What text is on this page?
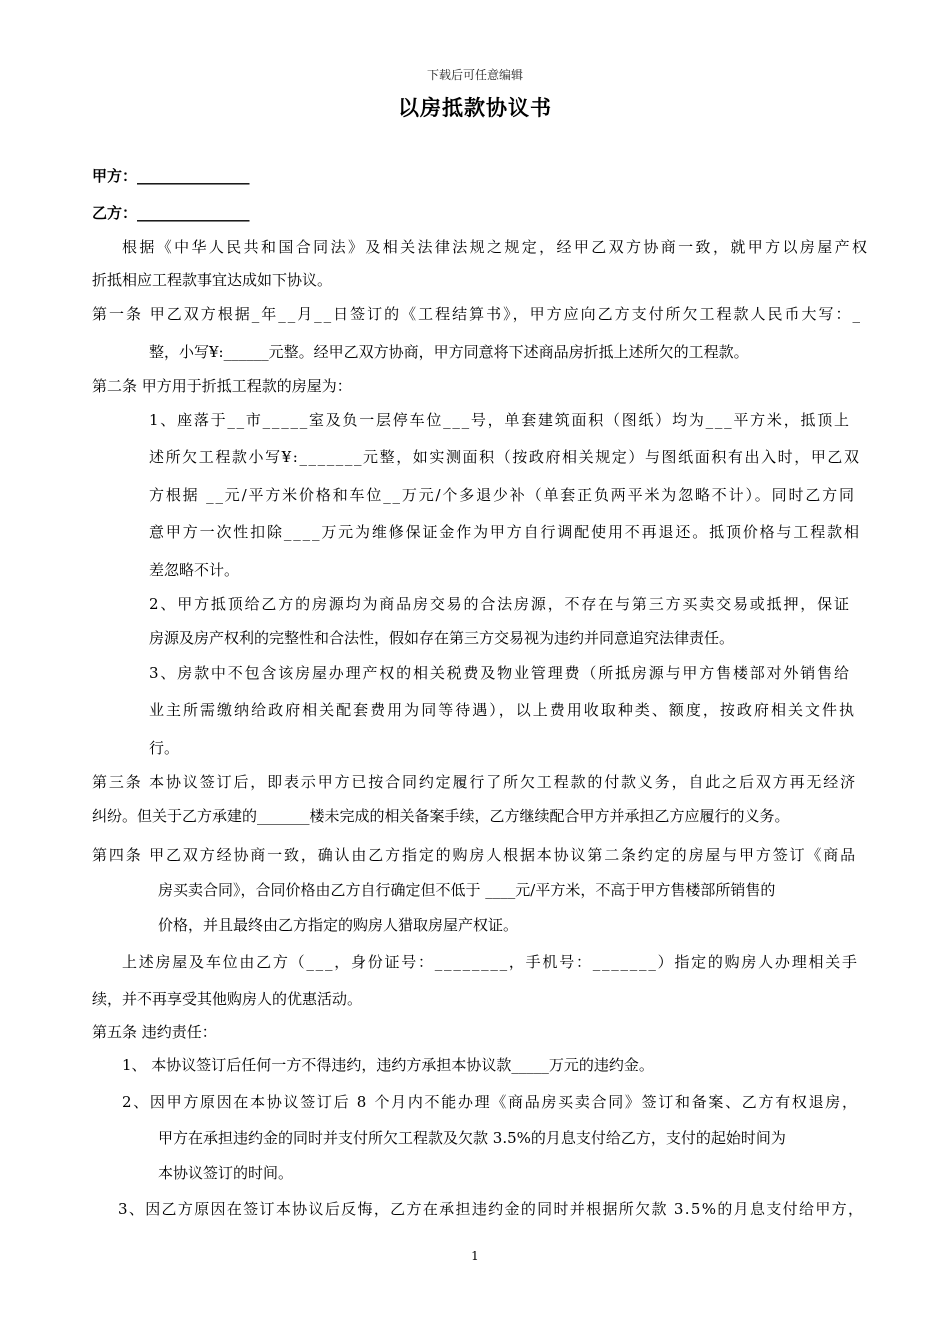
下载后可任意编辑
以房抵款协议书
甲方：_______________
乙方：_______________
根据《中华人民共和国合同法》及相关法律法规之规定，经甲乙双方协商一致，就甲方以房屋产权
折抵相应工程款事宜达成如下协议。
第一条 甲乙双方根据_年__月__日签订的《工程结算书》，甲方应向乙方支付所欠工程款人民币大写：_
整，小写¥:______元整。经甲乙双方协商，甲方同意将下述商品房折抵上述所欠的工程款。
第二条 甲方用于折抵工程款的房屋为：
1、座落于__市_____室及负一层停车位___号，单套建筑面积（图纸）均为___平方米，抵顶上
述所欠工程款小写¥:_______元整，如实测面积（按政府相关规定）与图纸面积有出入时，甲乙双
方根据 __元/平方米价格和车位__万元/个多退少补（单套正负两平米为忽略不计）。同时乙方同
意甲方一次性扣除____万元为维修保证金作为甲方自行调配使用不再退还。抵顶价格与工程款相
差忽略不计。
2、甲方抵顶给乙方的房源均为商品房交易的合法房源，不存在与第三方买卖交易或抵押，保证
房源及房产权利的完整性和合法性，假如存在第三方交易视为违约并同意追究法律责任。
3、房款中不包含该房屋办理产权的相关税费及物业管理费（所抵房源与甲方售楼部对外销售给
业主所需缴纳给政府相关配套费用为同等待遇），以上费用收取种类、额度，按政府相关文件执
行。
第三条 本协议签订后，即表示甲方已按合同约定履行了所欠工程款的付款义务，自此之后双方再无经济
纠纷。但关于乙方承建的_______楼未完成的相关备案手续，乙方继续配合甲方并承担乙方应履行的义务。
第四条 甲乙双方经协商一致，确认由乙方指定的购房人根据本协议第二条约定的房屋与甲方签订《商品
房买卖合同》，合同价格由乙方自行确定但不低于 ____元/平方米，不高于甲方售楼部所销售的
价格，并且最终由乙方指定的购房人猎取房屋产权证。
上述房屋及车位由乙方（___，身份证号：________，手机号：_______）指定的购房人办理相关手
续，并不再享受其他购房人的优惠活动。
第五条 违约责任：
1、 本协议签订后任何一方不得违约，违约方承担本协议款_____万元的违约金。
2、因甲方原因在本协议签订后 8 个月内不能办理《商品房买卖合同》签订和备案、乙方有权退房，
甲方在承担违约金的同时并支付所欠工程款及欠款 3.5%的月息支付给乙方，支付的起始时间为
本协议签订的时间。
3、因乙方原因在签订本协议后反悔，乙方在承担违约金的同时并根据所欠款 3.5%的月息支付给甲方，
1
